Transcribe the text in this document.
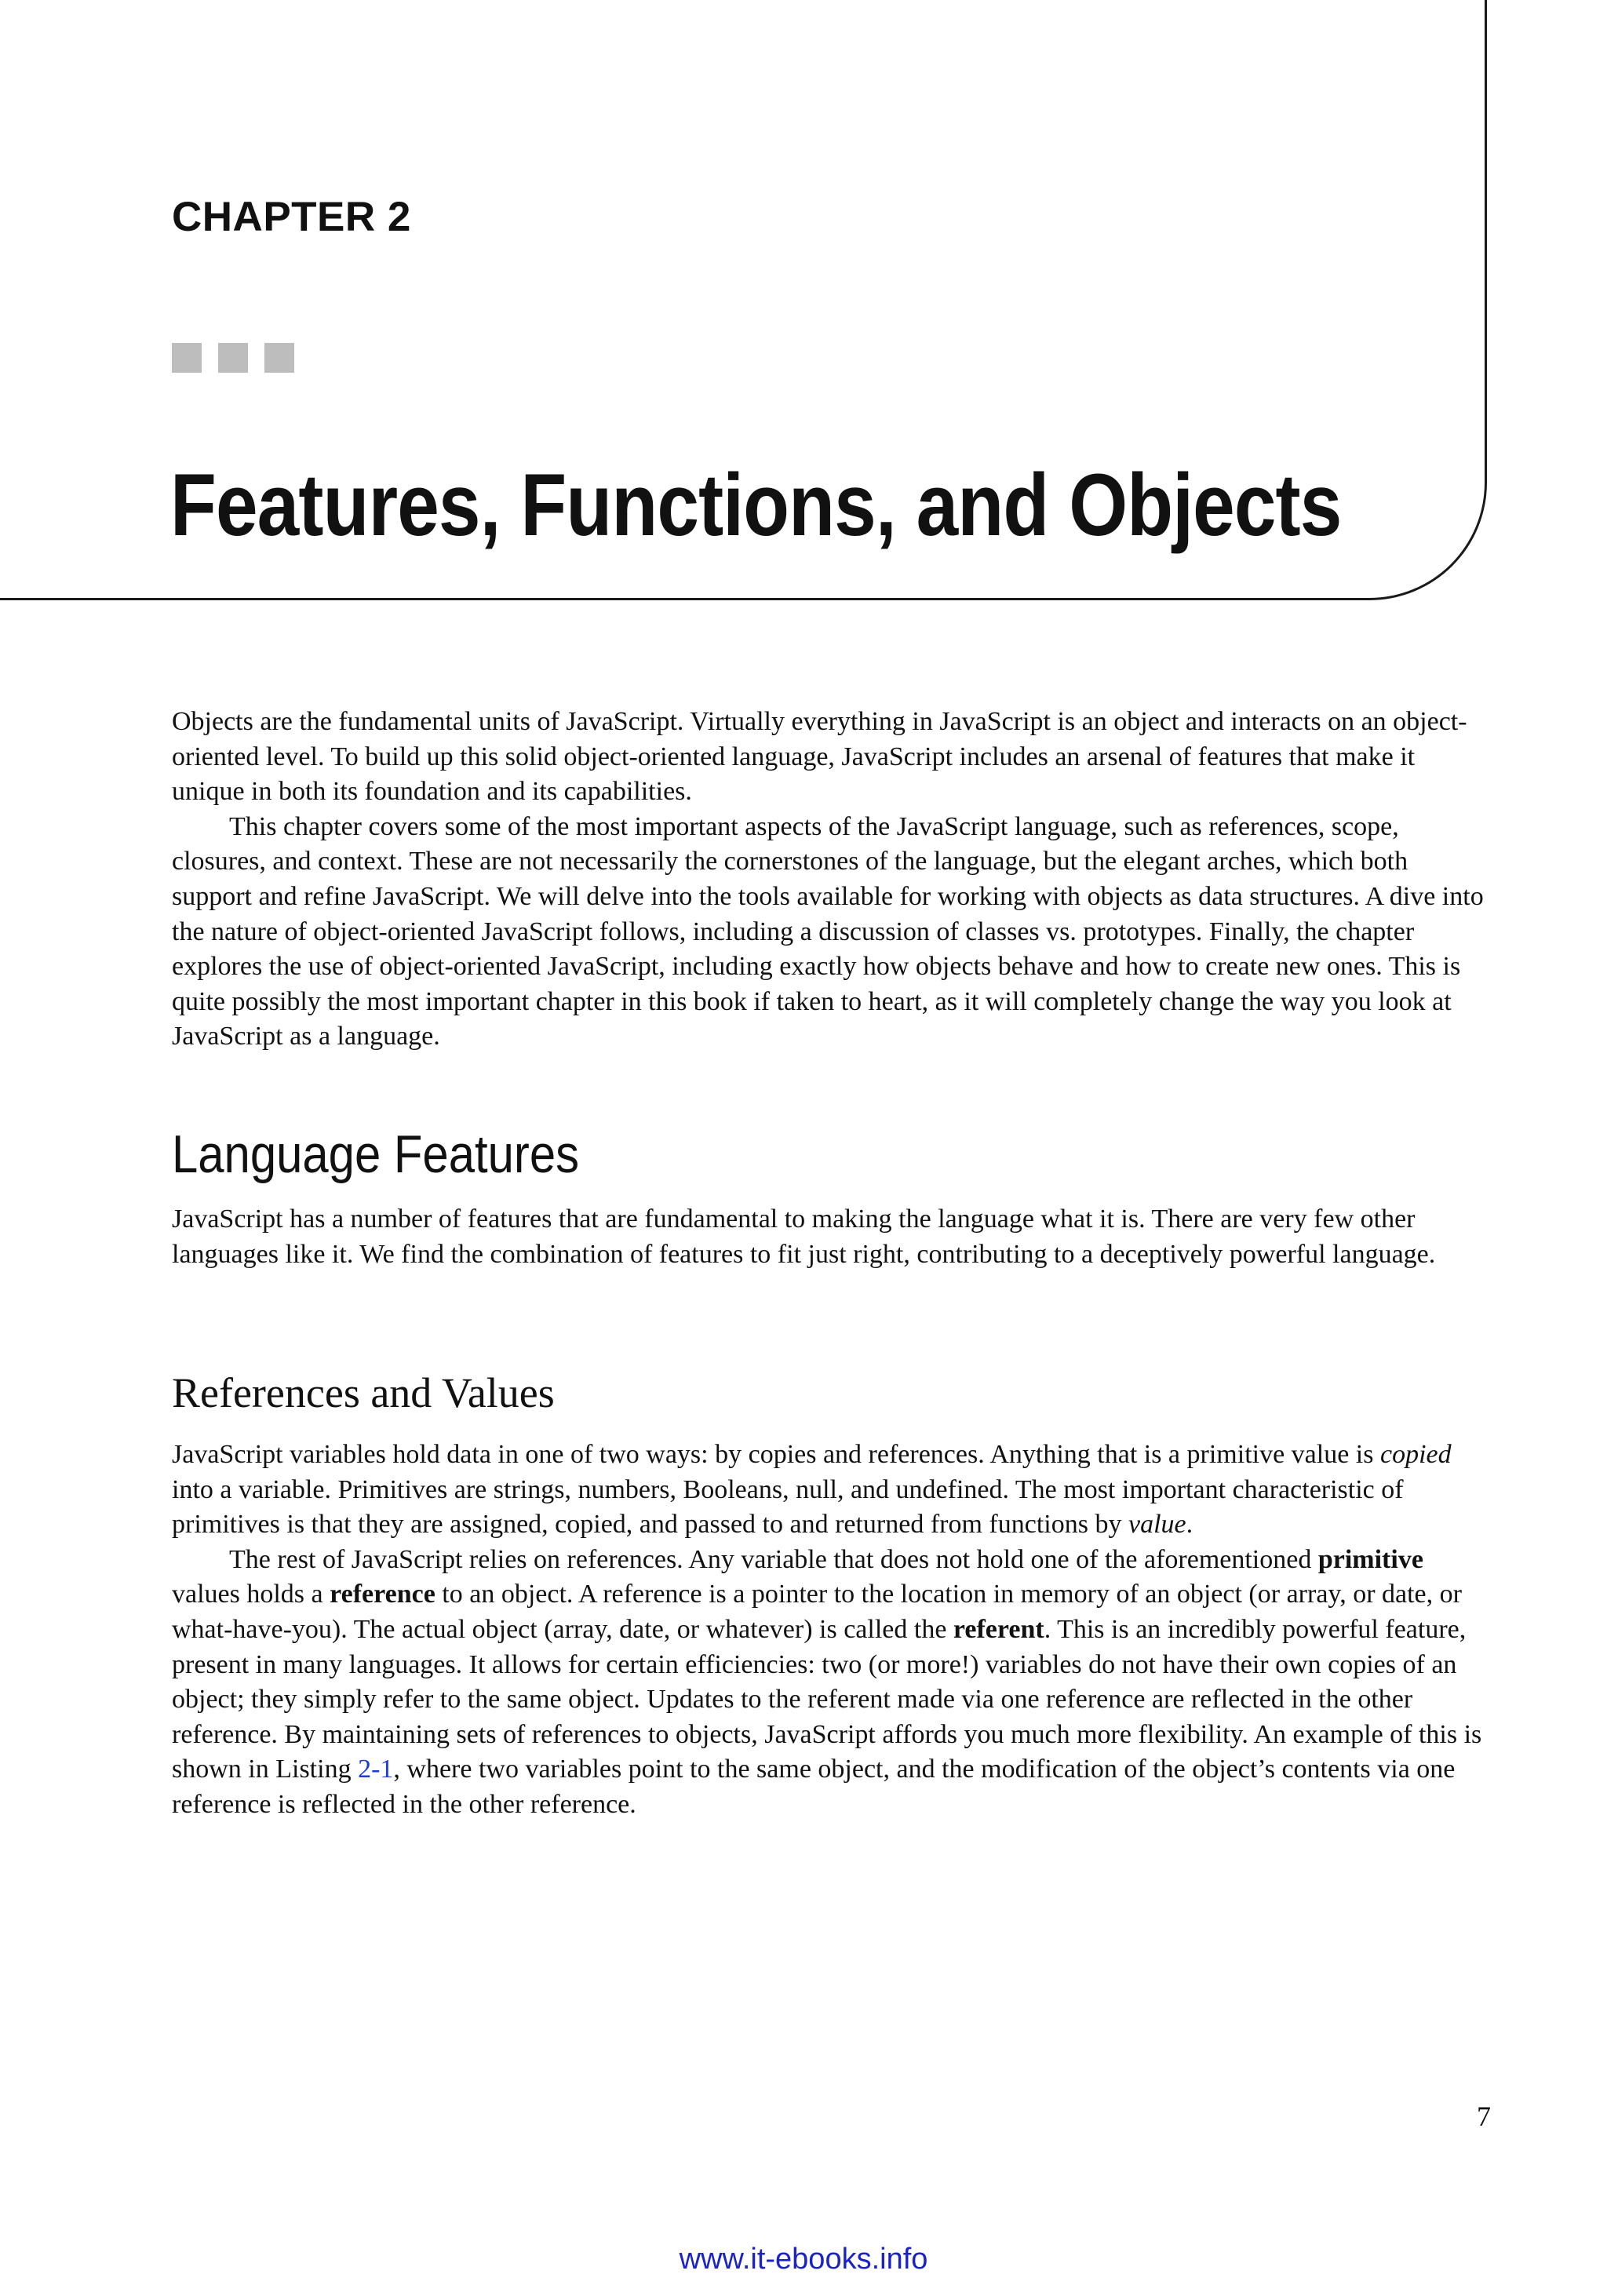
CHAPTER 2
Features, Functions, and Objects

Objects are the fundamental units of JavaScript. Virtually everything in JavaScript is an object and interacts on an object-oriented level. To build up this solid object-oriented language, JavaScript includes an arsenal of features that make it unique in both its foundation and its capabilities.

This chapter covers some of the most important aspects of the JavaScript language, such as references, scope, closures, and context. These are not necessarily the cornerstones of the language, but the elegant arches, which both support and refine JavaScript. We will delve into the tools available for working with objects as data structures. A dive into the nature of object-oriented JavaScript follows, including a discussion of classes vs. prototypes. Finally, the chapter explores the use of object-oriented JavaScript, including exactly how objects behave and how to create new ones. This is quite possibly the most important chapter in this book if taken to heart, as it will completely change the way you look at JavaScript as a language.

Language Features

JavaScript has a number of features that are fundamental to making the language what it is. There are very few other languages like it. We find the combination of features to fit just right, contributing to a deceptively powerful language.

References and Values

JavaScript variables hold data in one of two ways: by copies and references. Anything that is a primitive value is copied into a variable. Primitives are strings, numbers, Booleans, null, and undefined. The most important characteristic of primitives is that they are assigned, copied, and passed to and returned from functions by value.

The rest of JavaScript relies on references. Any variable that does not hold one of the aforementioned primitive values holds a reference to an object. A reference is a pointer to the location in memory of an object (or array, or date, or what-have-you). The actual object (array, date, or whatever) is called the referent. This is an incredibly powerful feature, present in many languages. It allows for certain efficiencies: two (or more!) variables do not have their own copies of an object; they simply refer to the same object. Updates to the referent made via one reference are reflected in the other reference. By maintaining sets of references to objects, JavaScript affords you much more flexibility. An example of this is shown in Listing 2-1, where two variables point to the same object, and the modification of the object’s contents via one reference is reflected in the other reference.

7
www.it-ebooks.info
